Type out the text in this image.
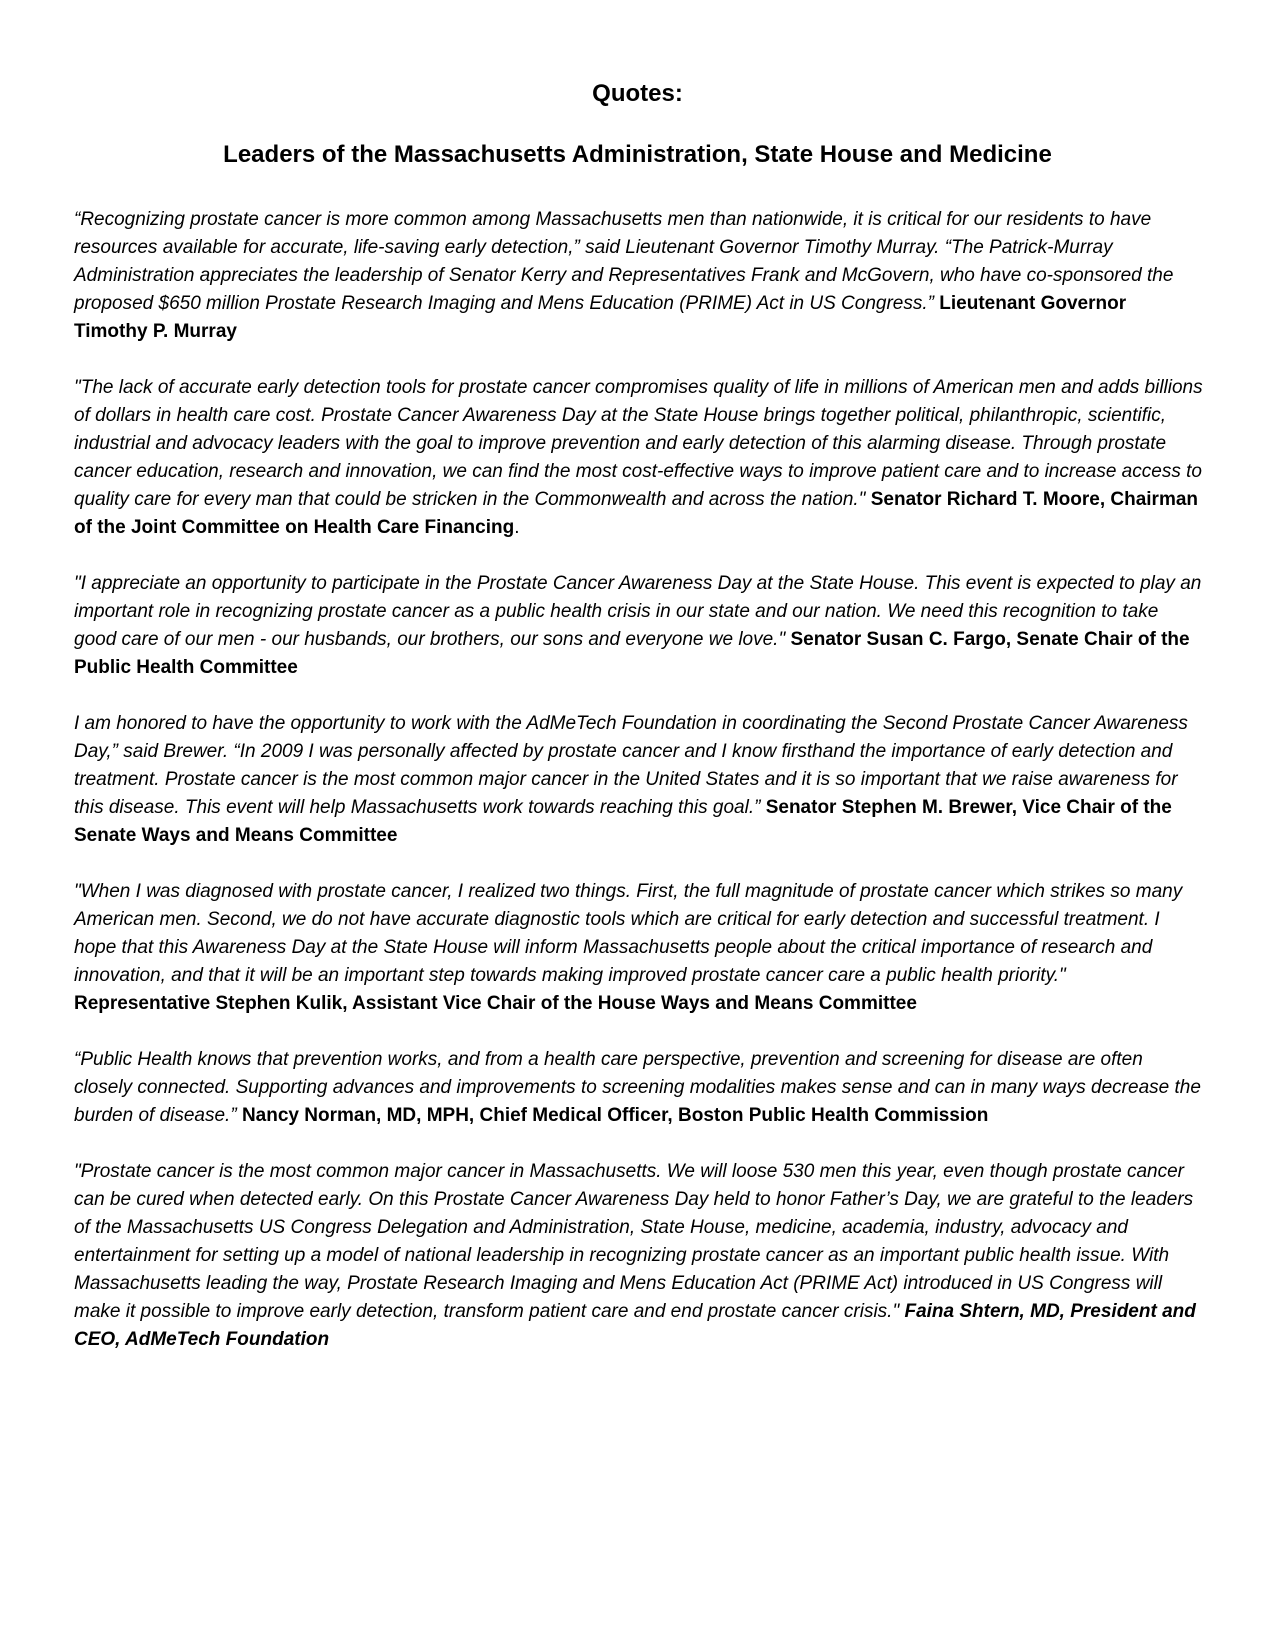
Quotes:
Leaders of the Massachusetts Administration, State House and Medicine

“Recognizing prostate cancer is more common among Massachusetts men than nationwide, it is critical for our residents to have resources available for accurate, life-saving early detection,” said Lieutenant Governor Timothy Murray. “The Patrick-Murray Administration appreciates the leadership of Senator Kerry and Representatives Frank and McGovern, who have co-sponsored the proposed $650 million Prostate Research Imaging and Mens Education (PRIME) Act in US Congress.” Lieutenant Governor Timothy P. Murray

"The lack of accurate early detection tools for prostate cancer compromises quality of life in millions of American men and adds billions of dollars in health care cost. Prostate Cancer Awareness Day at the State House brings together political, philanthropic, scientific, industrial and advocacy leaders with the goal to improve prevention and early detection of this alarming disease. Through prostate cancer education, research and innovation, we can find the most cost-effective ways to improve patient care and to increase access to quality care for every man that could be stricken in the Commonwealth and across the nation." Senator Richard T. Moore, Chairman of the Joint Committee on Health Care Financing.

"I appreciate an opportunity to participate in the Prostate Cancer Awareness Day at the State House. This event is expected to play an important role in recognizing prostate cancer as a public health crisis in our state and our nation. We need this recognition to take good care of our men - our husbands, our brothers, our sons and everyone we love." Senator Susan C. Fargo, Senate Chair of the Public Health Committee

I am honored to have the opportunity to work with the AdMeTech Foundation in coordinating the Second Prostate Cancer Awareness Day,” said Brewer. “In 2009 I was personally affected by prostate cancer and I know firsthand the importance of early detection and treatment. Prostate cancer is the most common major cancer in the United States and it is so important that we raise awareness for this disease. This event will help Massachusetts work towards reaching this goal.” Senator Stephen M. Brewer, Vice Chair of the Senate Ways and Means Committee

"When I was diagnosed with prostate cancer, I realized two things. First, the full magnitude of prostate cancer which strikes so many American men. Second, we do not have accurate diagnostic tools which are critical for early detection and successful treatment. I hope that this Awareness Day at the State House will inform Massachusetts people about the critical importance of research and innovation, and that it will be an important step towards making improved prostate cancer care a public health priority." Representative Stephen Kulik, Assistant Vice Chair of the House Ways and Means Committee

“Public Health knows that prevention works, and from a health care perspective, prevention and screening for disease are often closely connected. Supporting advances and improvements to screening modalities makes sense and can in many ways decrease the burden of disease.” Nancy Norman, MD, MPH, Chief Medical Officer, Boston Public Health Commission

"Prostate cancer is the most common major cancer in Massachusetts. We will loose 530 men this year, even though prostate cancer can be cured when detected early. On this Prostate Cancer Awareness Day held to honor Father’s Day, we are grateful to the leaders of the Massachusetts US Congress Delegation and Administration, State House, medicine, academia, industry, advocacy and entertainment for setting up a model of national leadership in recognizing prostate cancer as an important public health issue. With Massachusetts leading the way, Prostate Research Imaging and Mens Education Act (PRIME Act) introduced in US Congress will make it possible to improve early detection, transform patient care and end prostate cancer crisis." Faina Shtern, MD, President and CEO, AdMeTech Foundation
